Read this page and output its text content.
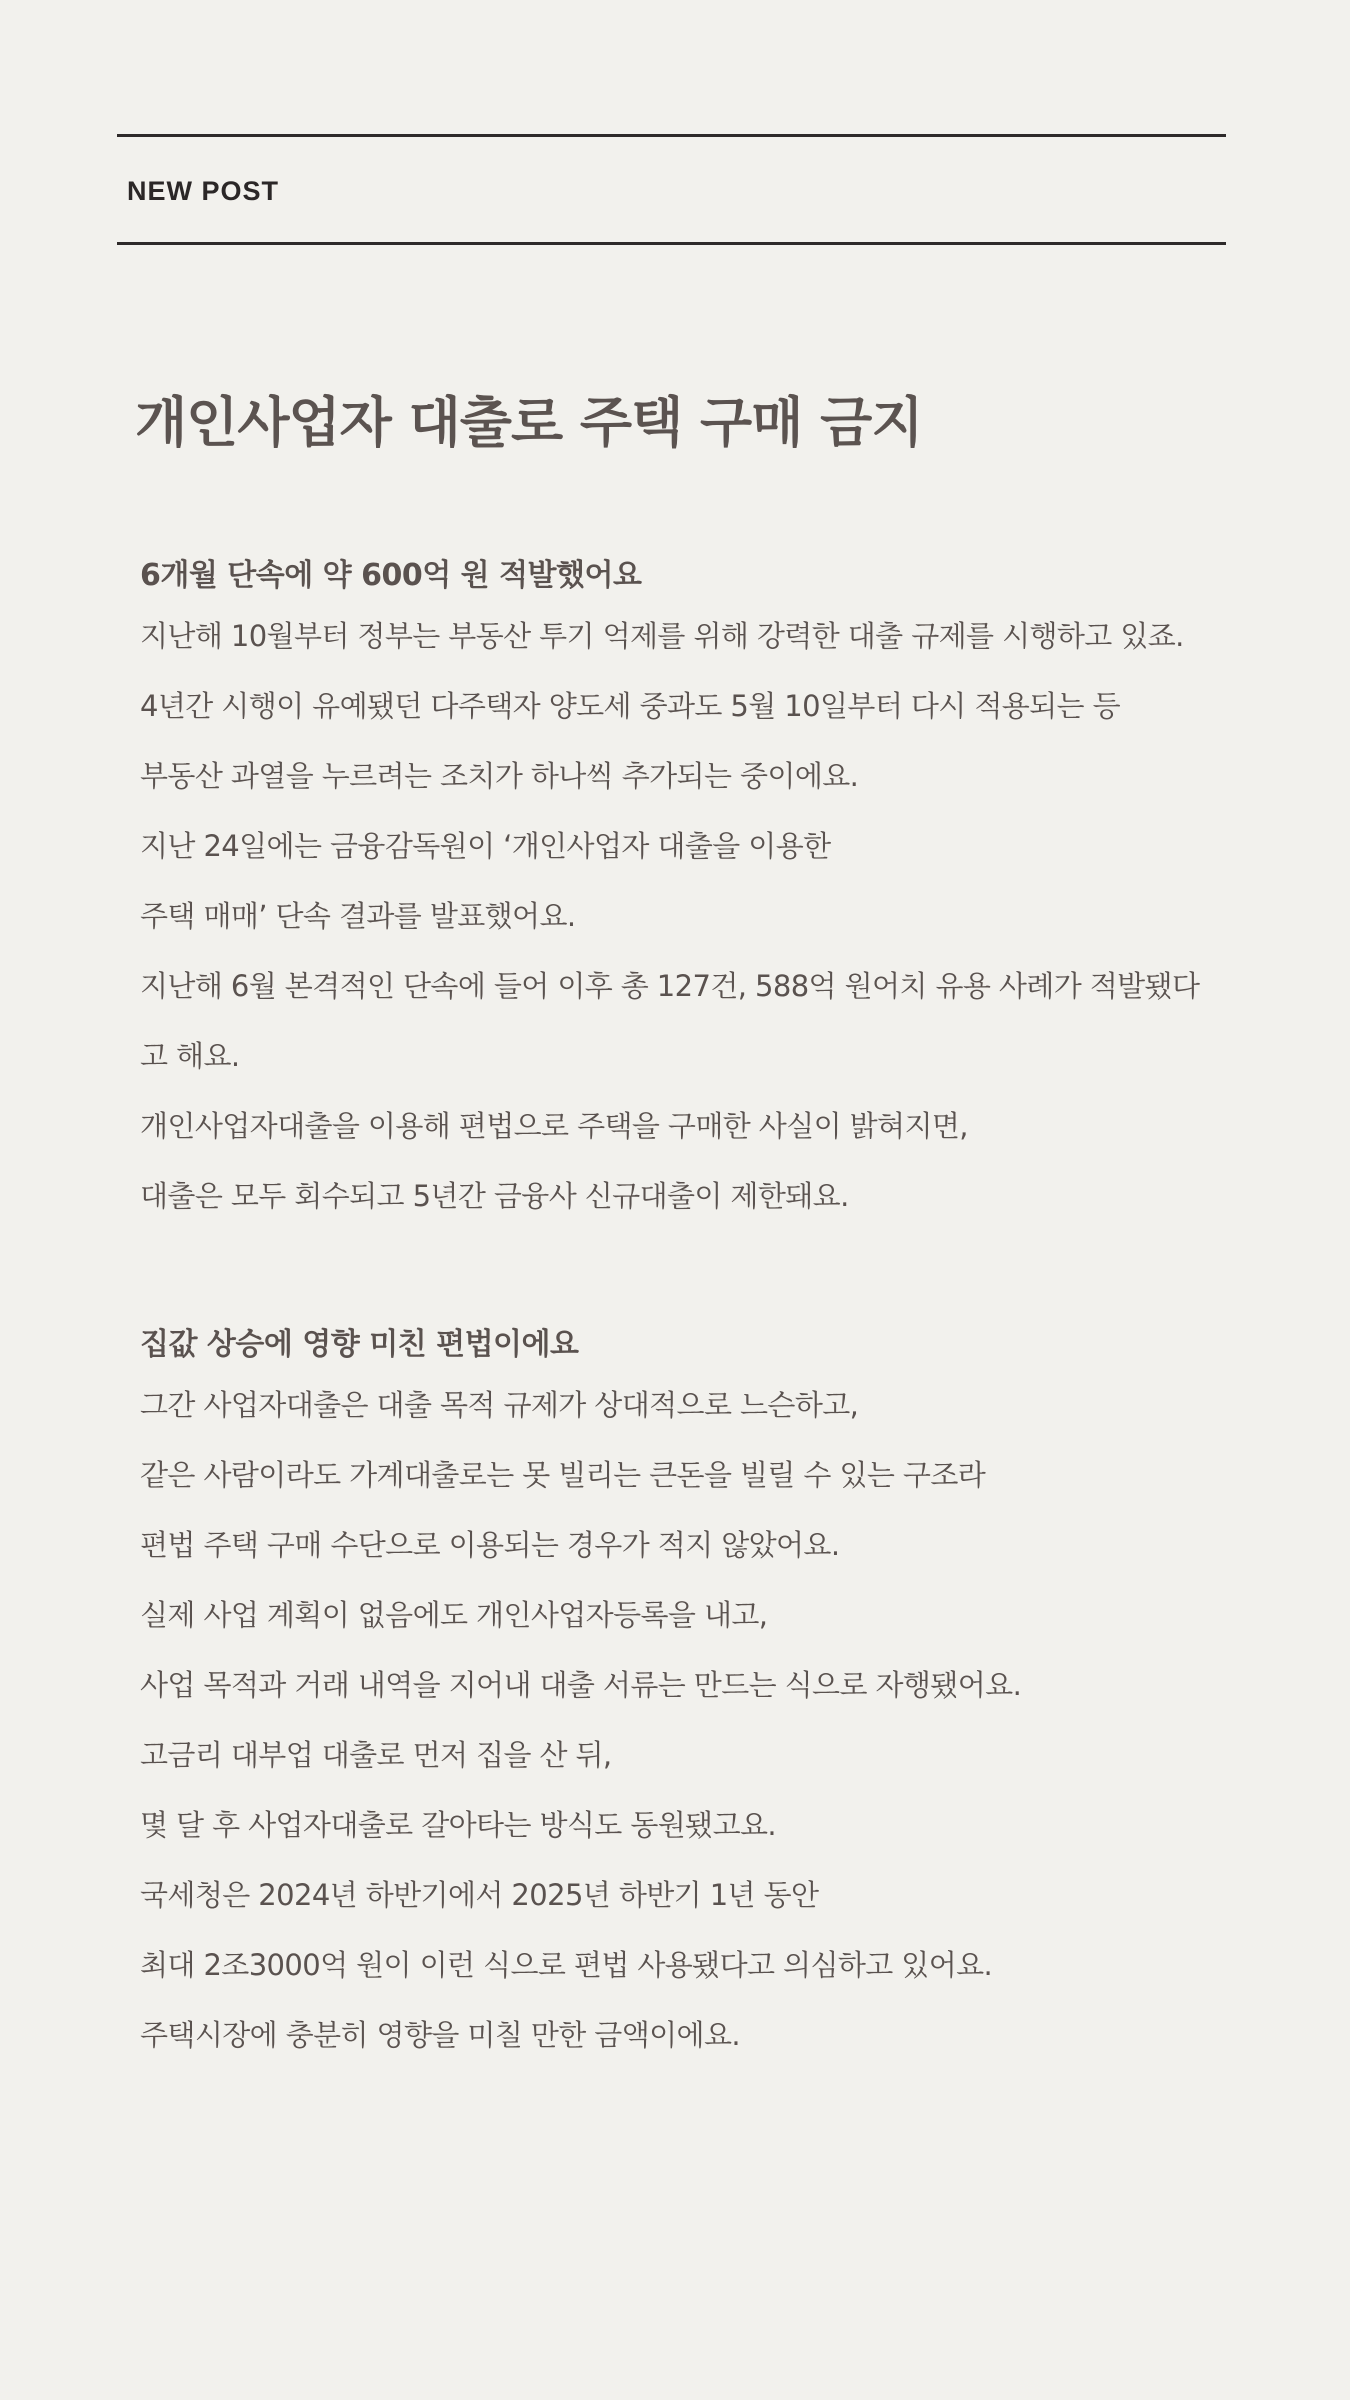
NEW POST
개인사업자 대출로 주택 구매 금지
6개월 단속에 약 600억 원 적발했어요

지난해 10월부터 정부는 부동산 투기 억제를 위해 강력한 대출 규제를 시행하고 있죠.

4년간 시행이 유예됐던 다주택자 양도세 중과도 5월 10일부터 다시 적용되는 등

부동산 과열을 누르려는 조치가 하나씩 추가되는 중이에요.

지난 24일에는 금융감독원이 ‘개인사업자 대출을 이용한

주택 매매’ 단속 결과를 발표했어요.

지난해 6월 본격적인 단속에 들어 이후 총 127건, 588억 원어치 유용 사례가 적발됐다

고 해요.

개인사업자대출을 이용해 편법으로 주택을 구매한 사실이 밝혀지면,

대출은 모두 회수되고 5년간 금융사 신규대출이 제한돼요.

집값 상승에 영향 미친 편법이에요

그간 사업자대출은 대출 목적 규제가 상대적으로 느슨하고,

같은 사람이라도 가계대출로는 못 빌리는 큰돈을 빌릴 수 있는 구조라

편법 주택 구매 수단으로 이용되는 경우가 적지 않았어요.

실제 사업 계획이 없음에도 개인사업자등록을 내고,

사업 목적과 거래 내역을 지어내 대출 서류는 만드는 식으로 자행됐어요.

고금리 대부업 대출로 먼저 집을 산 뒤,

몇 달 후 사업자대출로 갈아타는 방식도 동원됐고요.

국세청은 2024년 하반기에서 2025년 하반기 1년 동안

최대 2조3000억 원이 이런 식으로 편법 사용됐다고 의심하고 있어요.

주택시장에 충분히 영향을 미칠 만한 금액이에요.
